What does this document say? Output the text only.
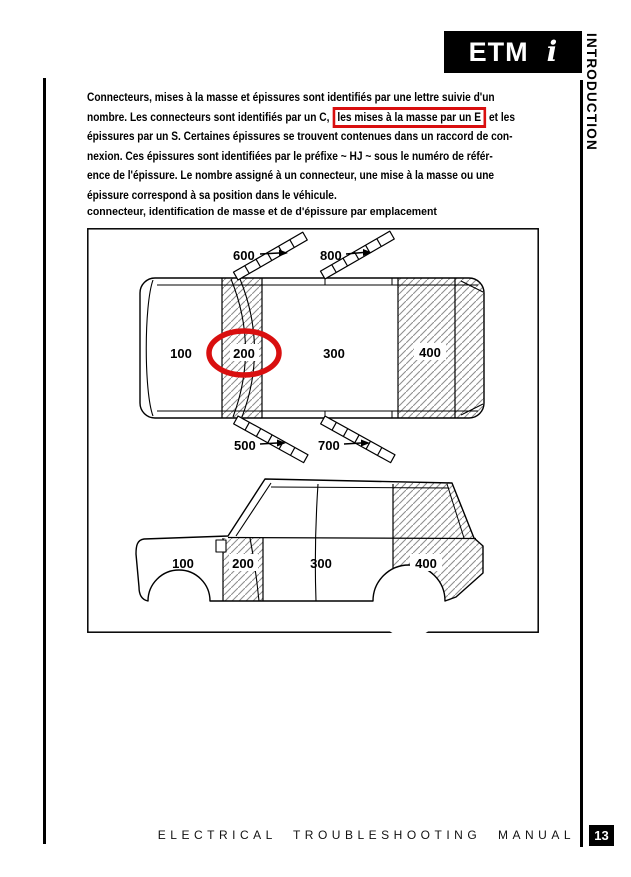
ETM i INTRODUCTION
Connecteurs, mises à la masse et épissures sont identifiés par une lettre suivie d'un
nombre. Les connecteurs sont identifiés par un C, les mises à la masse par un E et les
épissures par un S. Certaines épissures se trouvent contenues dans un raccord de con-
nexion. Ces épissures sont identifiées par le préfixe ~ HJ ~ sous le numéro de référ-
ence de l'épissure. Le nombre assigné à un connecteur, une mise à la masse ou une
épissure correspond à sa position dans le véhicule.
connecteur, identification de masse et de d'épissure par emplacement
600	800
500	700
100	200	300	400
100	200	300	400
ELECTRICAL TROUBLESHOOTING MANUAL	13
